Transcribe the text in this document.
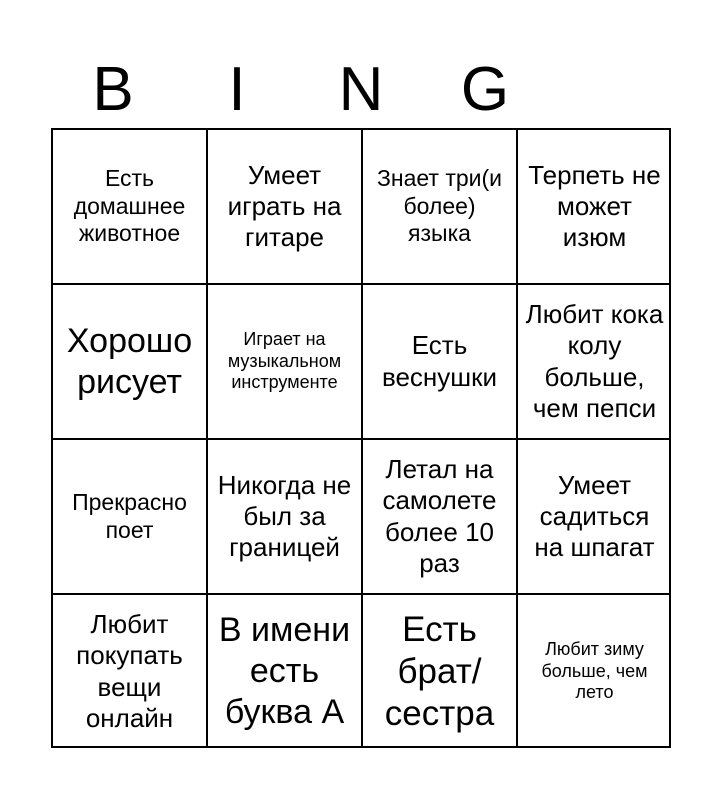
B	I	N	G
Есть домашнее животное
Умеет играть на гитаре
Знает три(и более) языка
Терпеть не может изюм
Хорошо рисует
Играет на музыкальном инструменте
Есть веснушки
Любит кока колу больше, чем пепси
Прекрасно поет
Никогда не был за границей
Летал на самолете более 10 раз
Умеет садиться на шпагат
Любит покупать вещи онлайн
В имени есть буква А
Есть брат/ сестра
Любит зиму больше, чем лето
